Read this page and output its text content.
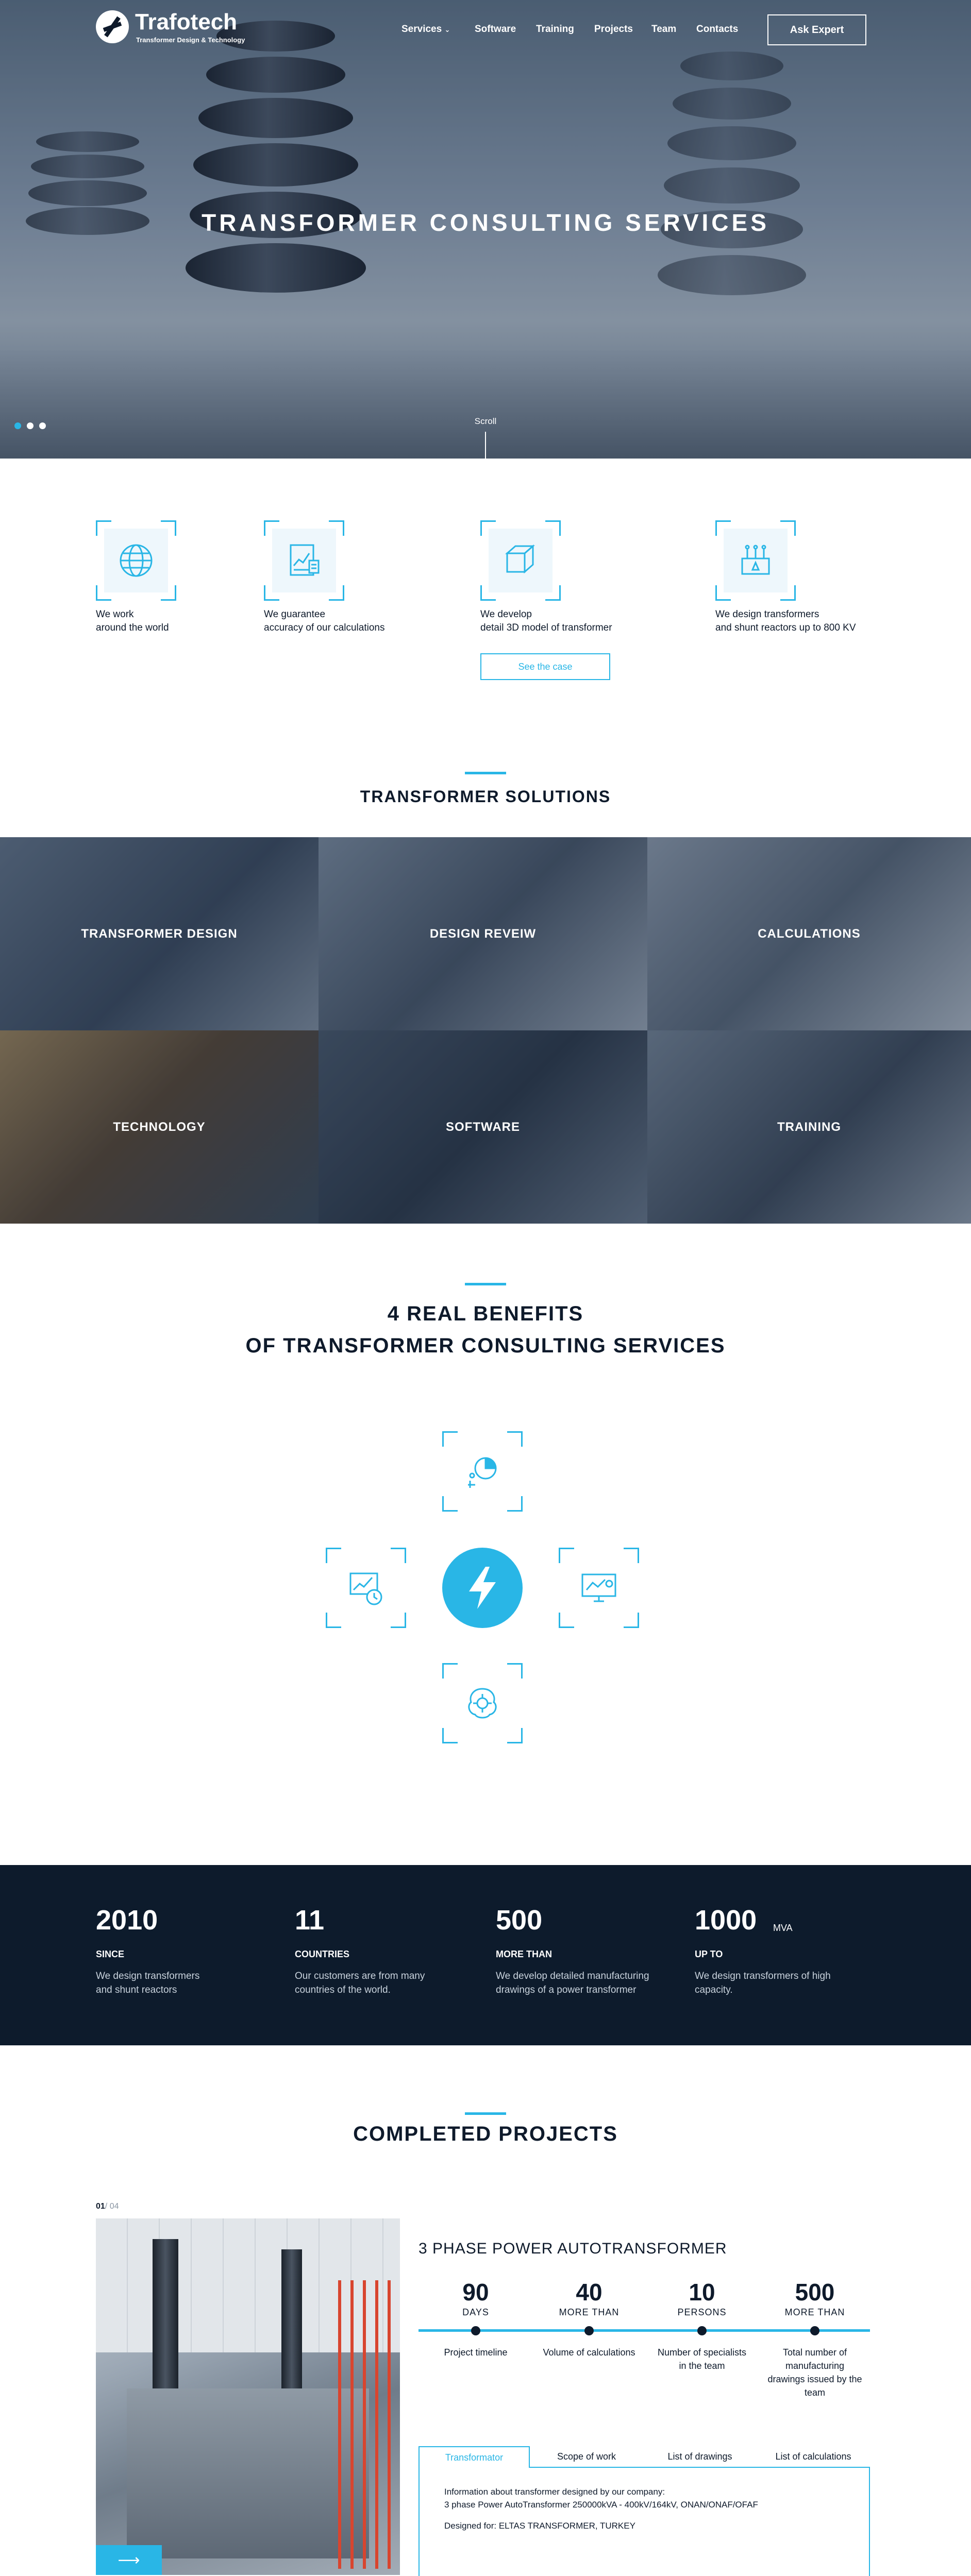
Trafotech
Transformer Design & Technology
Services ⌄	Software Training Projects Team Contacts	Ask Expert
TRANSFORMER CONSULTING SERVICES
Scroll
We work
around the world
We guarantee
accuracy of our calculations
We develop
detail 3D model of transformer
We design transformers
and shunt reactors up to 800 KV
See the case
TRANSFORMER SOLUTIONS
TRANSFORMER DESIGN	DESIGN REVEIW	CALCULATIONS
TECHNOLOGY	SOFTWARE	TRAINING
4 REAL BENEFITS
OF TRANSFORMER CONSULTING SERVICES
2010
SINCE
We design transformers
and shunt reactors
11
COUNTRIES
Our customers are from many
countries of the world.
500
MORE THAN
We develop detailed manufacturing
drawings of a power transformer
1000 MVA
UP TO
We design transformers of high
capacity.
COMPLETED PROJECTS
01/ 04
⟶
3 PHASE POWER AUTOTRANSFORMER
90
DAYS
Project timeline
40
MORE THAN
Volume of calculations
10
PERSONS
Number of specialists
in the team
500
MORE THAN
Total number of
manufacturing
drawings issued by the
team
Transformator	Scope of work	List of drawings	List of calculations
Information about transformer designed by our company:
3 phase Power AutoTransformer 250000kVA - 400kV/164kV, ONAN/ONAF/OFAF
Designed for: ELTAS TRANSFORMER, TURKEY
